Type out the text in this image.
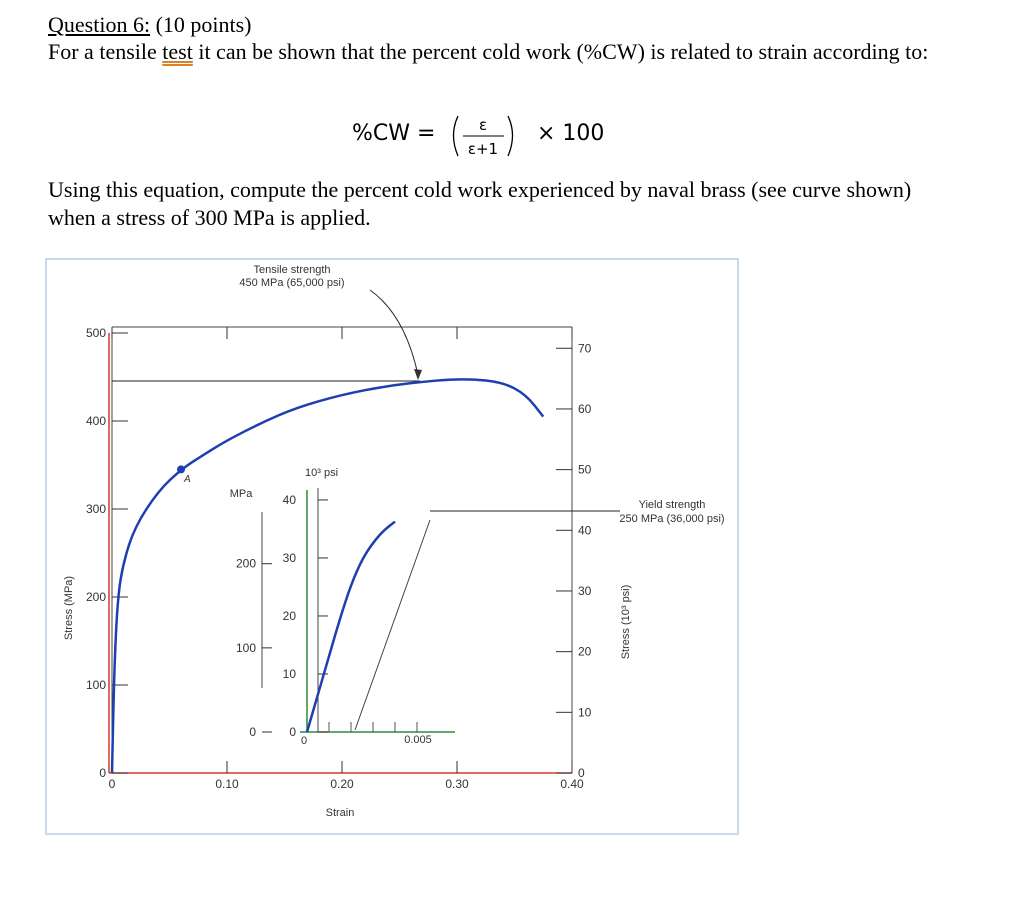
Question 6: (10 points)
For a tensile test it can be shown that the percent cold work (%CW) is related to strain according to:
%CW =	ε
ε+1
× 100
Using this equation, compute the percent cold work experienced by naval brass (see curve shown) when a stress of 300 MPa is applied.
Tensile strength
450 MPa (65,000 psi)
Yield strength
250 MPa (36,000 psi)
Stress (MPa)	Stress (10³ psi)
Strain
MPa
10³ psi
0	0.005
A
0
100
200
300
400
500
0	0.10	0.20	0.30	0.40
0
10
20
30
40
50
60
70
0
100
200
0
10
20
30
40
